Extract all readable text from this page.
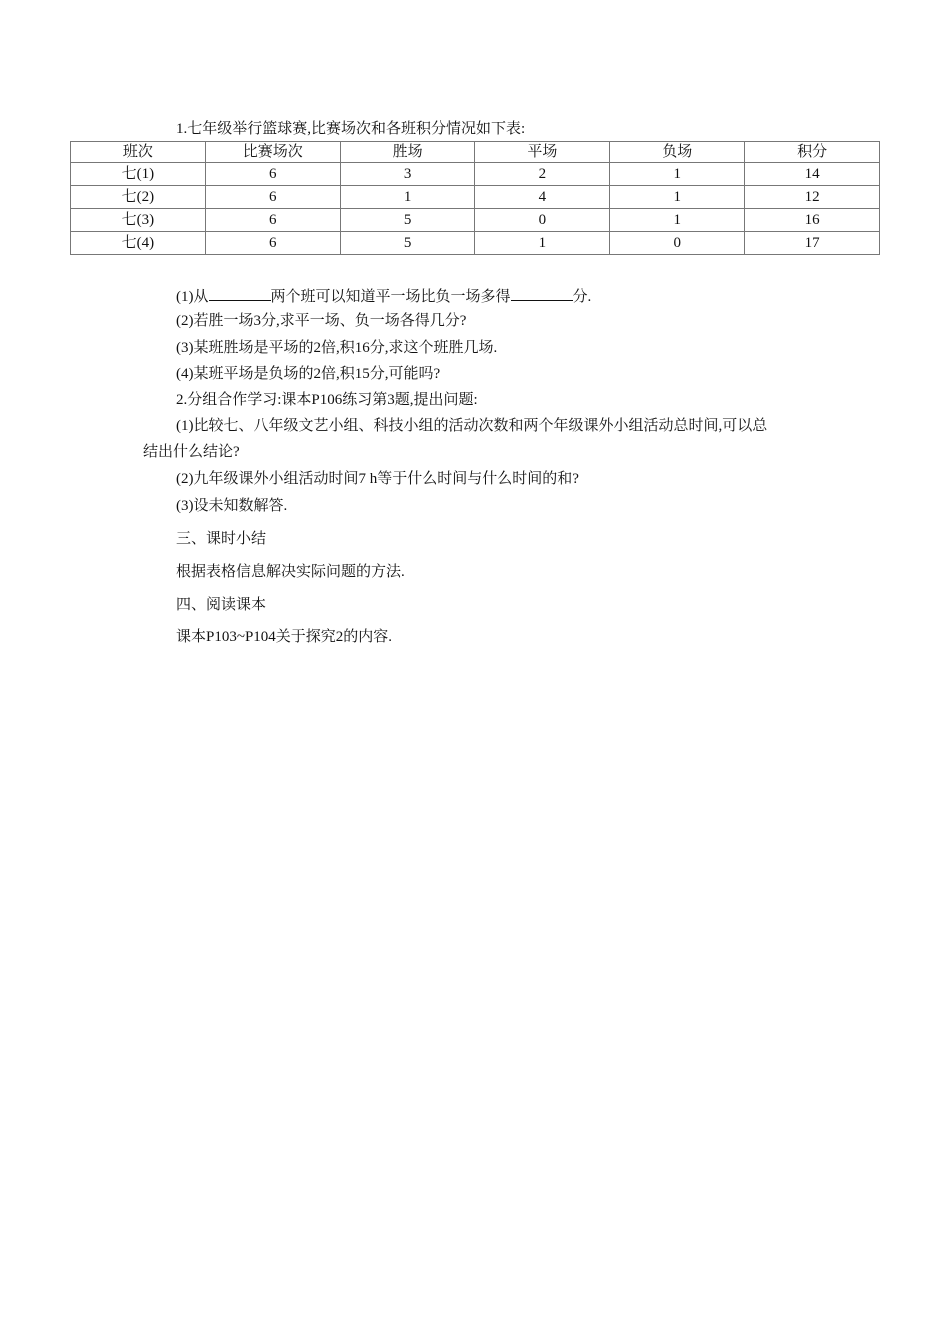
1.七年级举行篮球赛,比赛场次和各班积分情况如下表:
班次	比赛场次	胜场	平场	负场	积分
七(1)	6	3	2	1	14
七(2)	6	1	4	1	12
七(3)	6	5	0	1	16
七(4)	6	5	1	0	17
(1)从	两个班可以知道平一场比负一场多得	分.
(2)若胜一场3分,求平一场、负一场各得几分?
(3)某班胜场是平场的2倍,积16分,求这个班胜几场.
(4)某班平场是负场的2倍,积15分,可能吗?
2.分组合作学习:课本P106练习第3题,提出问题:
(1)比较七、八年级文艺小组、科技小组的活动次数和两个年级课外小组活动总时间,可以总
结出什么结论?
(2)九年级课外小组活动时间7 h等于什么时间与什么时间的和?
(3)设未知数解答.
三、课时小结
根据表格信息解决实际问题的方法.
四、阅读课本
课本P103~P104关于探究2的内容.
